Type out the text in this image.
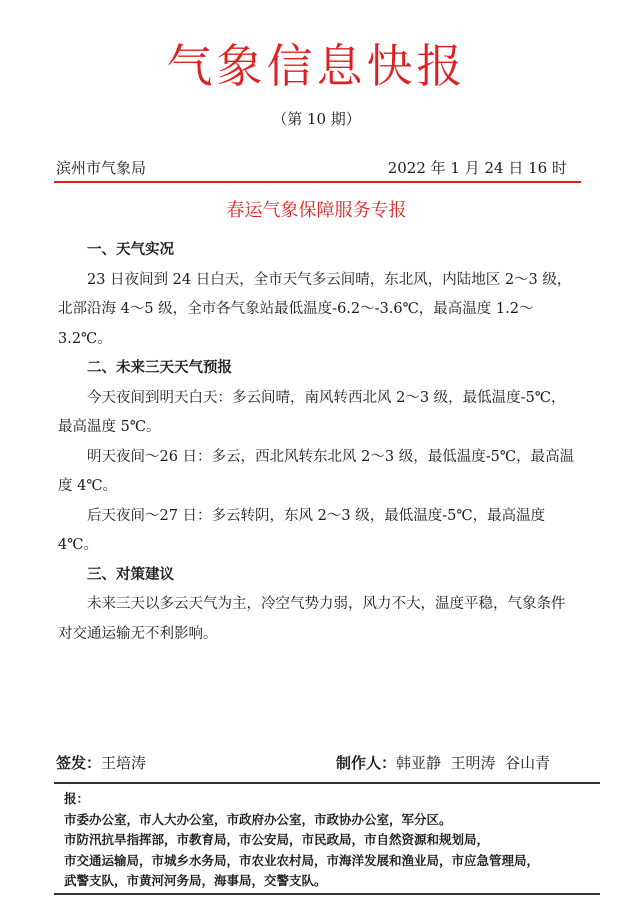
气象信息快报
（第 10 期）
滨州市气象局	2022 年 1 月 24 日 16 时
春运气象保障服务专报

一、天气实况

23 日夜间到 24 日白天，全市天气多云间晴，东北风，内陆地区 2～3 级，北部沿海 4～5 级，全市各气象站最低温度-6.2～-3.6℃，最高温度 1.2～3.2℃。

二、未来三天天气预报

今天夜间到明天白天：多云间晴，南风转西北风 2～3 级，最低温度-5℃，最高温度 5℃。

明天夜间～26 日：多云，西北风转东北风 2～3 级，最低温度-5℃，最高温度 4℃。

后天夜间～27 日：多云转阴，东风 2～3 级，最低温度-5℃，最高温度 4℃。

三、对策建议

未来三天以多云天气为主，冷空气势力弱，风力不大，温度平稳，气象条件对交通运输无不利影响。

签发：王培涛	制作人：韩亚静  王明涛  谷山青
报：
市委办公室，市人大办公室，市政府办公室，市政协办公室，军分区。
市防汛抗旱指挥部，市教育局，市公安局，市民政局，市自然资源和规划局，
市交通运输局，市城乡水务局，市农业农村局，市海洋发展和渔业局，市应急管理局，
武警支队，市黄河河务局，海事局，交警支队。
